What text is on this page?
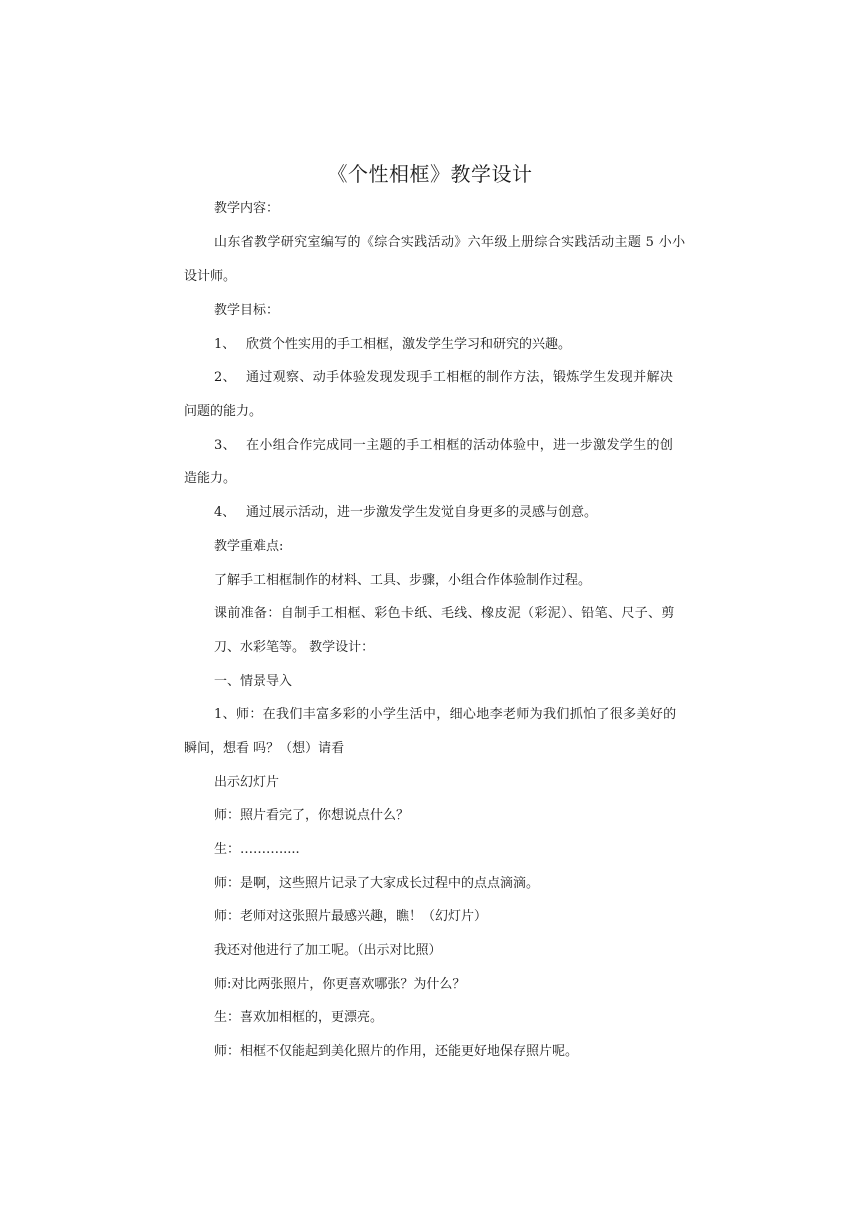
《个性相框》教学设计
教学内容：
山东省教学研究室编写的《综合实践活动》六年级上册综合实践活动主题 5 小小
设计师。
教学目标：
1、 欣赏个性实用的手工相框，激发学生学习和研究的兴趣。
2、 通过观察、动手体验发现发现手工相框的制作方法，锻炼学生发现并解决
问题的能力。
3、 在小组合作完成同一主题的手工相框的活动体验中，进一步激发学生的创
造能力。
4、 通过展示活动，进一步激发学生发觉自身更多的灵感与创意。
教学重难点:
了解手工相框制作的材料、工具、步骤，小组合作体验制作过程。
课前准备：自制手工相框、彩色卡纸、毛线、橡皮泥（彩泥）、铅笔、尺子、剪
刀、水彩笔等。 教学设计：
一、情景导入
1、师：在我们丰富多彩的小学生活中，细心地李老师为我们抓怕了很多美好的
瞬间，想看 吗？（想）请看
出示幻灯片
师：照片看完了，你想说点什么？
生：……….....
师：是啊，这些照片记录了大家成长过程中的点点滴滴。
师：老师对这张照片最感兴趣，瞧！（幻灯片）
我还对他进行了加工呢。（出示对比照）
师:对比两张照片，你更喜欢哪张？为什么？
生：喜欢加相框的，更漂亮。
师：相框不仅能起到美化照片的作用，还能更好地保存照片呢。
